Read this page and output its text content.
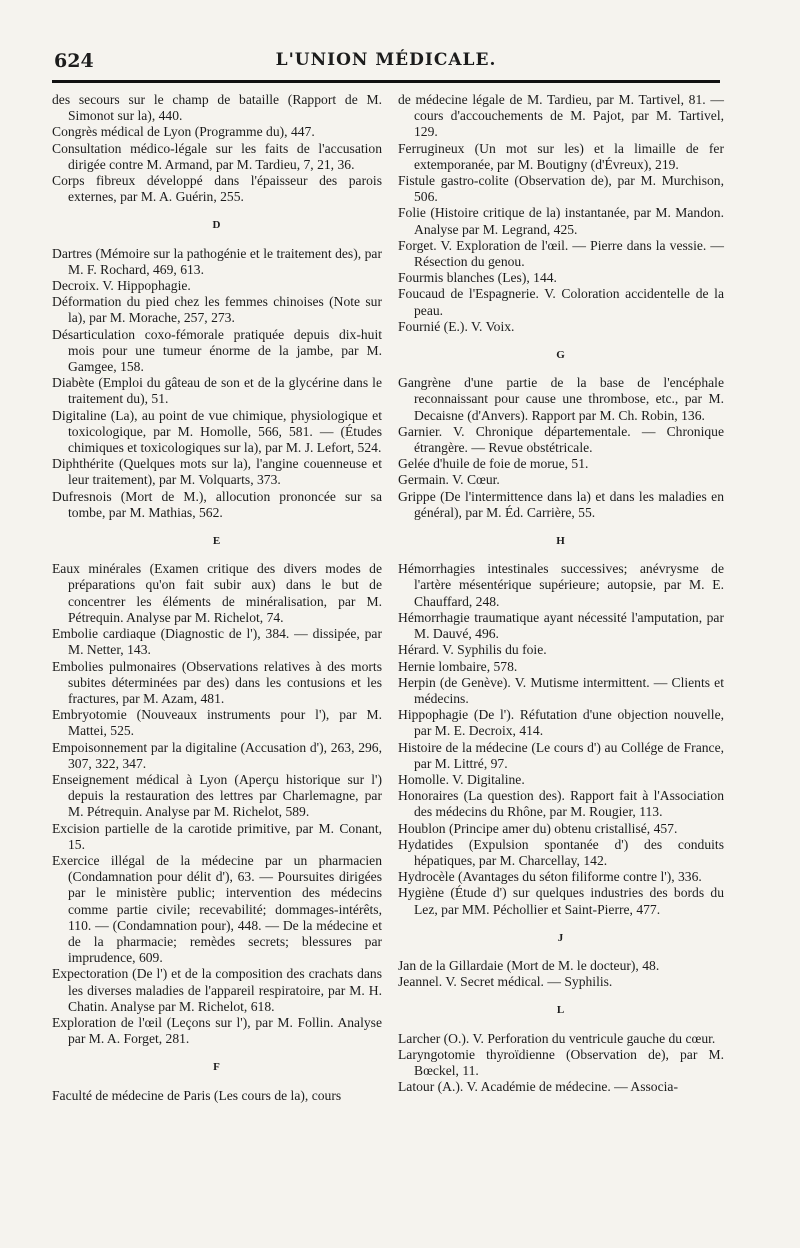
624	L'UNION MÉDICALE.
des secours sur le champ de bataille (Rapport de M. Simonot sur la), 440.
Congrès médical de Lyon (Programme du), 447.
Consultation médico-légale sur les faits de l'accusation dirigée contre M. Armand, par M. Tardieu, 7, 21, 36.
Corps fibreux développé dans l'épaisseur des parois externes, par M. A. Guérin, 255.
D
Dartres (Mémoire sur la pathogénie et le traitement des), par M. F. Rochard, 469, 613.
Decroix. V. Hippophagie.
Déformation du pied chez les femmes chinoises (Note sur la), par M. Morache, 257, 273.
Désarticulation coxo-fémorale pratiquée depuis dix-huit mois pour une tumeur énorme de la jambe, par M. Gamgee, 158.
Diabète (Emploi du gâteau de son et de la glycérine dans le traitement du), 51.
Digitaline (La), au point de vue chimique, physiologique et toxicologique, par M. Homolle, 566, 581. — (Études chimiques et toxicologiques sur la), par M. J. Lefort, 524.
Diphthérite (Quelques mots sur la), l'angine couenneuse et leur traitement), par M. Volquarts, 373.
Dufresnois (Mort de M.), allocution prononcée sur sa tombe, par M. Mathias, 562.
E
Eaux minérales (Examen critique des divers modes de préparations qu'on fait subir aux) dans le but de concentrer les éléments de minéralisation, par M. Pétrequin. Analyse par M. Richelot, 74.
Embolie cardiaque (Diagnostic de l'), 384. — dissipée, par M. Netter, 143.
Embolies pulmonaires (Observations relatives à des morts subites déterminées par des) dans les contusions et les fractures, par M. Azam, 481.
Embryotomie (Nouveaux instruments pour l'), par M. Mattei, 525.
Empoisonnement par la digitaline (Accusation d'), 263, 296, 307, 322, 347.
Enseignement médical à Lyon (Aperçu historique sur l') depuis la restauration des lettres par Charlemagne, par M. Pétrequin. Analyse par M. Richelot, 589.
Excision partielle de la carotide primitive, par M. Conant, 15.
Exercice illégal de la médecine par un pharmacien (Condamnation pour délit d'), 63. — Poursuites dirigées par le ministère public; intervention des médecins comme partie civile; recevabilité; dommages-intérêts, 110. — (Condamnation pour), 448. — De la médecine et de la pharmacie; remèdes secrets; blessures par imprudence, 609.
Expectoration (De l') et de la composition des crachats dans les diverses maladies de l'appareil respiratoire, par M. H. Chatin. Analyse par M. Richelot, 618.
Exploration de l'œil (Leçons sur l'), par M. Follin. Analyse par M. A. Forget, 281.
F
Faculté de médecine de Paris (Les cours de la), cours
de médecine légale de M. Tardieu, par M. Tartivel, 81. — cours d'accouchements de M. Pajot, par M. Tartivel, 129.
Ferrugineux (Un mot sur les) et la limaille de fer extemporanée, par M. Boutigny (d'Évreux), 219.
Fistule gastro-colite (Observation de), par M. Murchison, 506.
Folie (Histoire critique de la) instantanée, par M. Mandon. Analyse par M. Legrand, 425.
Forget. V. Exploration de l'œil. — Pierre dans la vessie. — Résection du genou.
Fourmis blanches (Les), 144.
Foucaud de l'Espagnerie. V. Coloration accidentelle de la peau.
Fournié (E.). V. Voix.
G
Gangrène d'une partie de la base de l'encéphale reconnaissant pour cause une thrombose, etc., par M. Decaisne (d'Anvers). Rapport par M. Ch. Robin, 136.
Garnier. V. Chronique départementale. — Chronique étrangère. — Revue obstétricale.
Gelée d'huile de foie de morue, 51.
Germain. V. Cœur.
Grippe (De l'intermittence dans la) et dans les maladies en général), par M. Éd. Carrière, 55.
H
Hémorrhagies intestinales successives; anévrysme de l'artère mésentérique supérieure; autopsie, par M. E. Chauffard, 248.
Hémorrhagie traumatique ayant nécessité l'amputation, par M. Dauvé, 496.
Hérard. V. Syphilis du foie.
Hernie lombaire, 578.
Herpin (de Genève). V. Mutisme intermittent. — Clients et médecins.
Hippophagie (De l'). Réfutation d'une objection nouvelle, par M. E. Decroix, 414.
Histoire de la médecine (Le cours d') au Collége de France, par M. Littré, 97.
Homolle. V. Digitaline.
Honoraires (La question des). Rapport fait à l'Association des médecins du Rhône, par M. Rougier, 113.
Houblon (Principe amer du) obtenu cristallisé, 457.
Hydatides (Expulsion spontanée d') des conduits hépatiques, par M. Charcellay, 142.
Hydrocèle (Avantages du séton filiforme contre l'), 336.
Hygiène (Étude d') sur quelques industries des bords du Lez, par MM. Péchollier et Saint-Pierre, 477.
J
Jan de la Gillardaie (Mort de M. le docteur), 48.
Jeannel. V. Secret médical. — Syphilis.
L
Larcher (O.). V. Perforation du ventricule gauche du cœur.
Laryngotomie thyroïdienne (Observation de), par M. Bœckel, 11.
Latour (A.). V. Académie de médecine. — Associa-
